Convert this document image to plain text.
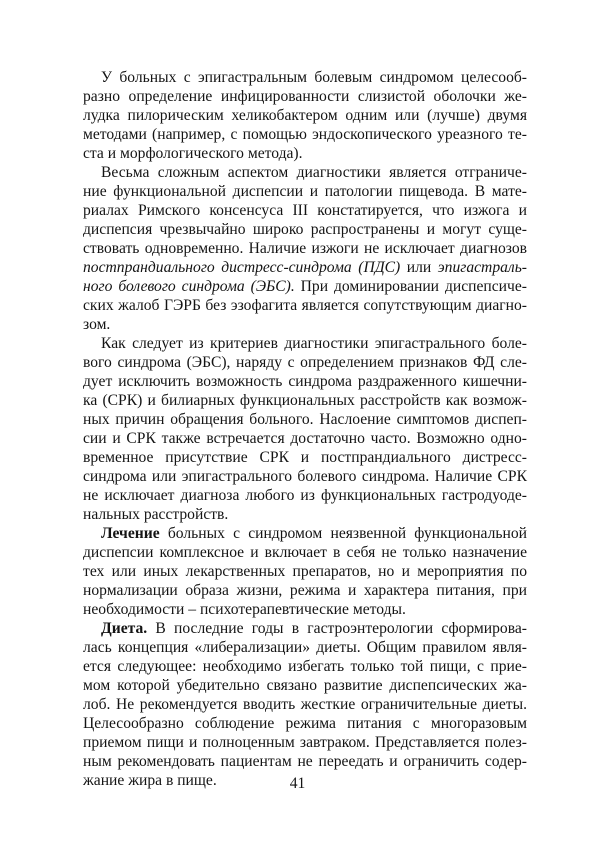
У больных с эпигастральным болевым синдромом целесооб-
разно определение инфицированности слизистой оболочки же-
лудка пилорическим хеликобактером одним или (лучше) двумя
методами (например, с помощью эндоскопического уреазного те-
ста и морфологического метода).
Весьма сложным аспектом диагностики является отграниче-
ние функциональной диспепсии и патологии пищевода. В мате-
риалах Римского консенсуса III констатируется, что изжога и
диспепсия чрезвычайно широко распространены и могут суще-
ствовать одновременно. Наличие изжоги не исключает диагнозов
постпрандиального дистресс-синдрома (ПДС) или эпигастраль-
ного болевого синдрома (ЭБС). При доминировании диспепсиче-
ских жалоб ГЭРБ без эзофагита является сопутствующим диагно-
зом.
Как следует из критериев диагностики эпигастрального боле-
вого синдрома (ЭБС), наряду с определением признаков ФД сле-
дует исключить возможность синдрома раздраженного кишечни-
ка (СРК) и билиарных функциональных расстройств как возмож-
ных причин обращения больного. Наслоение симптомов диспеп-
сии и СРК также встречается достаточно часто. Возможно одно-
временное присутствие СРК и постпрандиального дистресс-
синдрома или эпигастрального болевого синдрома. Наличие СРК
не исключает диагноза любого из функциональных гастродуоде-
нальных расстройств.
Лечение больных с синдромом неязвенной функциональной
диспепсии комплексное и включает в себя не только назначение
тех или иных лекарственных препаратов, но и мероприятия по
нормализации образа жизни, режима и характера питания, при
необходимости – психотерапевтические методы.
Диета. В последние годы в гастроэнтерологии сформирова-
лась концепция «либерализации» диеты. Общим правилом явля-
ется следующее: необходимо избегать только той пищи, с прие-
мом которой убедительно связано развитие диспепсических жа-
лоб. Не рекомендуется вводить жесткие ограничительные диеты.
Целесообразно соблюдение режима питания с многоразовым
приемом пищи и полноценным завтраком. Представляется полез-
ным рекомендовать пациентам не переедать и ограничить содер-
жание жира в пище.	41
